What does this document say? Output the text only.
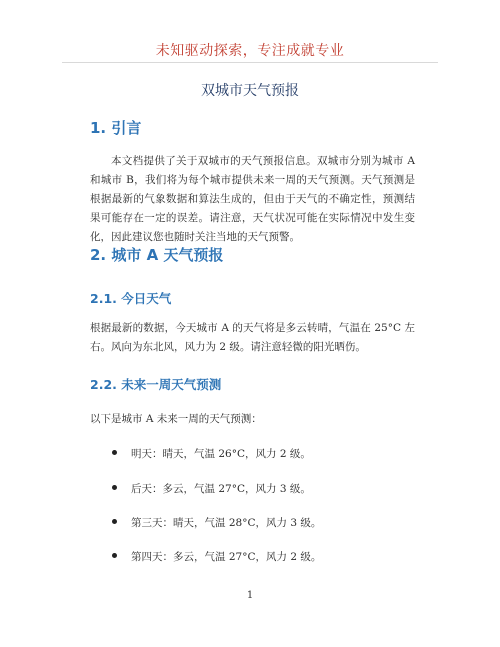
未知驱动探索，专注成就专业
双城市天气预报
1. 引言
本文档提供了关于双城市的天气预报信息。双城市分别为城市 A 和城市 B，我们将为每个城市提供未来一周的天气预测。天气预测是根据最新的气象数据和算法生成的，但由于天气的不确定性，预测结果可能存在一定的误差。请注意，天气状况可能在实际情况中发生变化，因此建议您也随时关注当地的天气预警。
2. 城市 A 天气预报
2.1. 今日天气
根据最新的数据，今天城市 A 的天气将是多云转晴，气温在 25°C 左右。风向为东北风，风力为 2 级。请注意轻微的阳光晒伤。
2.2. 未来一周天气预测
以下是城市 A 未来一周的天气预测：
明天：晴天，气温 26°C，风力 2 级。
后天：多云，气温 27°C，风力 3 级。
第三天：晴天，气温 28°C，风力 3 级。
第四天：多云，气温 27°C，风力 2 级。
1
